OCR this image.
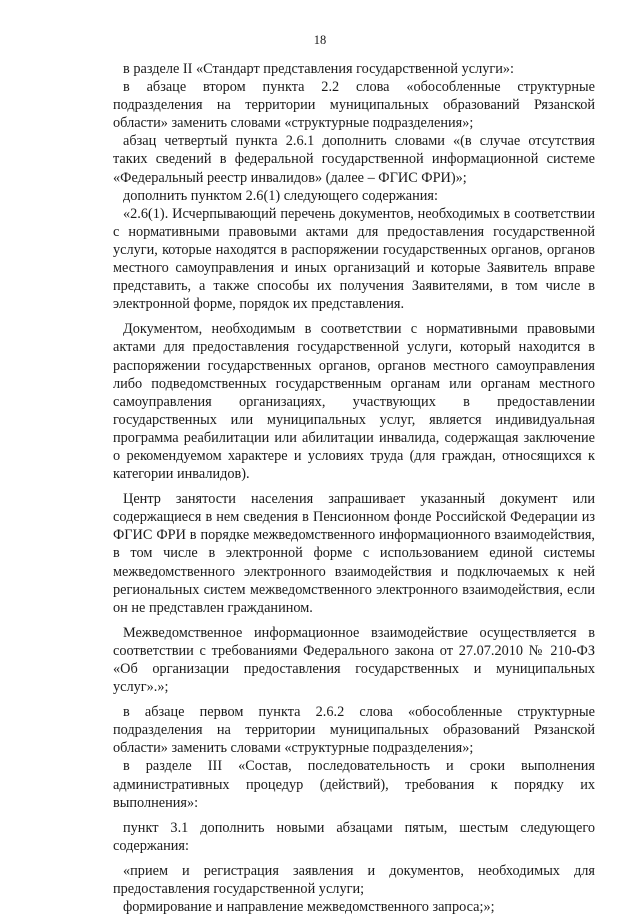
18

в разделе II «Стандарт представления государственной услуги»:

в абзаце втором пункта 2.2 слова «обособленные структурные подразделения на территории муниципальных образований Рязанской области» заменить словами «структурные подразделения»;

абзац четвертый пункта 2.6.1 дополнить словами «(в случае отсутствия таких сведений в федеральной государственной информационной системе «Федеральный реестр инвалидов» (далее – ФГИС ФРИ)»;

дополнить пунктом 2.6(1) следующего содержания:

«2.6(1). Исчерпывающий перечень документов, необходимых в соответствии с нормативными правовыми актами для предоставления государственной услуги, которые находятся в распоряжении государственных органов, органов местного самоуправления и иных организаций и которые Заявитель вправе представить, а также способы их получения Заявителями, в том числе в электронной форме, порядок их представления.

Документом, необходимым в соответствии с нормативными правовыми актами для предоставления государственной услуги, который находится в распоряжении государственных органов, органов местного самоуправления либо подведомственных государственным органам или органам местного самоуправления организациях, участвующих в предоставлении государственных или муниципальных услуг, является индивидуальная программа реабилитации или абилитации инвалида, содержащая заключение о рекомендуемом характере и условиях труда (для граждан, относящихся к категории инвалидов).

Центр занятости населения запрашивает указанный документ или содержащиеся в нем сведения в Пенсионном фонде Российской Федерации из ФГИС ФРИ в порядке межведомственного информационного взаимодействия, в том числе в электронной форме с использованием единой системы межведомственного электронного взаимодействия и подключаемых к ней региональных систем межведомственного электронного взаимодействия, если он не представлен гражданином.

Межведомственное информационное взаимодействие осуществляется в соответствии с требованиями Федерального закона от 27.07.2010 № 210-ФЗ «Об организации предоставления государственных и муниципальных услуг».»;

в абзаце первом пункта 2.6.2 слова «обособленные структурные подразделения на территории муниципальных образований Рязанской области» заменить словами «структурные подразделения»;

в разделе III «Состав, последовательность и сроки выполнения административных процедур (действий), требования к порядку их выполнения»:

пункт 3.1 дополнить новыми абзацами пятым, шестым следующего содержания:

«прием и регистрация заявления и документов, необходимых для предоставления государственной услуги;

формирование и направление межведомственного запроса;»;
